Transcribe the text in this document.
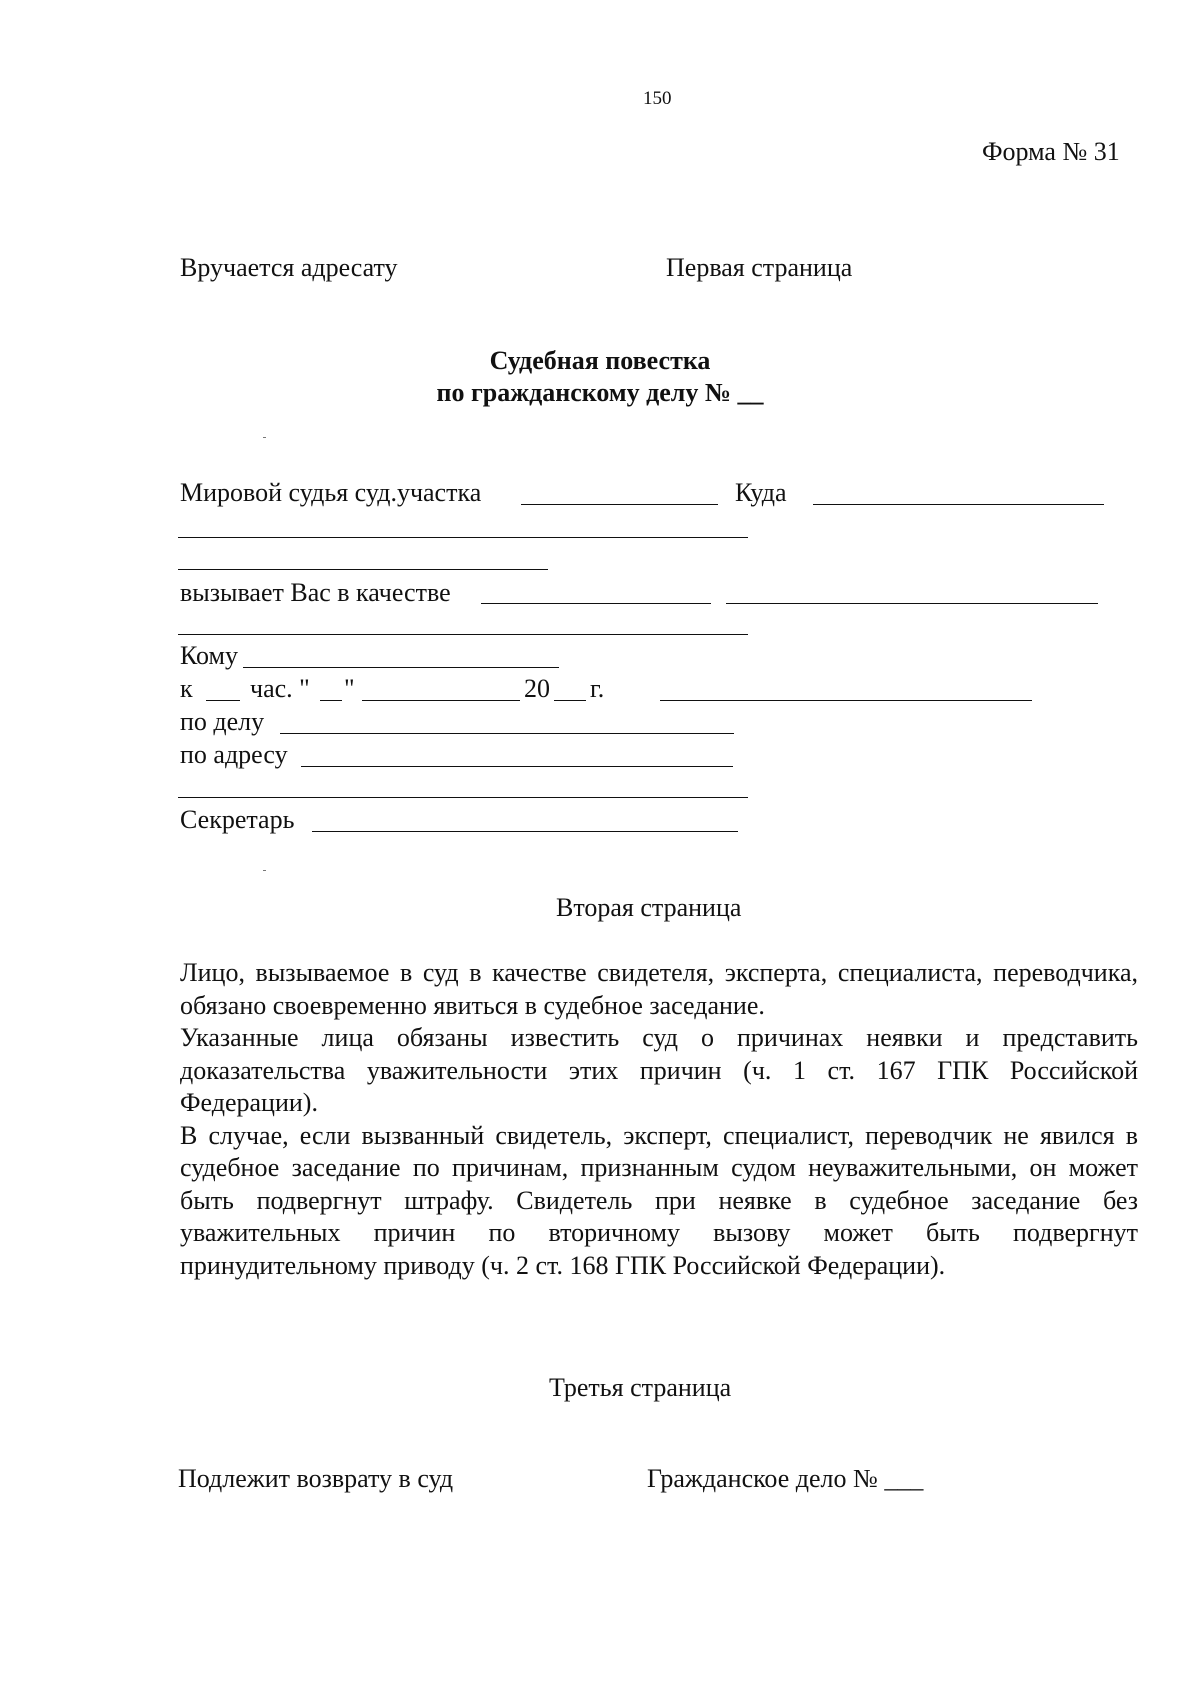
150
Форма № 31
Вручается адресату	Первая страница
Судебная повестка
по гражданскому делу № __
Мировой судья суд.участка	Куда
вызывает Вас в качестве
Кому
к час. " "	20 г.
по делу
по адресу
Секретарь
Вторая страница

Лицо, вызываемое в суд в качестве свидетеля, эксперта, специалиста, переводчика, обязано своевременно явиться в судебное заседание.

Указанные лица обязаны известить суд о причинах неявки и представить доказательства уважительности этих причин (ч. 1 ст. 167 ГПК Российской Федерации).

В случае, если вызванный свидетель, эксперт, специалист, переводчик не явился в судебное заседание по причинам, признанным судом неуважительными, он может быть подвергнут штрафу. Свидетель при неявке в судебное заседание без уважительных причин по вторичному вызову может быть подвергнут принудительному приводу (ч. 2 ст. 168 ГПК Российской Федерации).

Третья страница
Подлежит возврату в суд	Гражданское дело № ___
